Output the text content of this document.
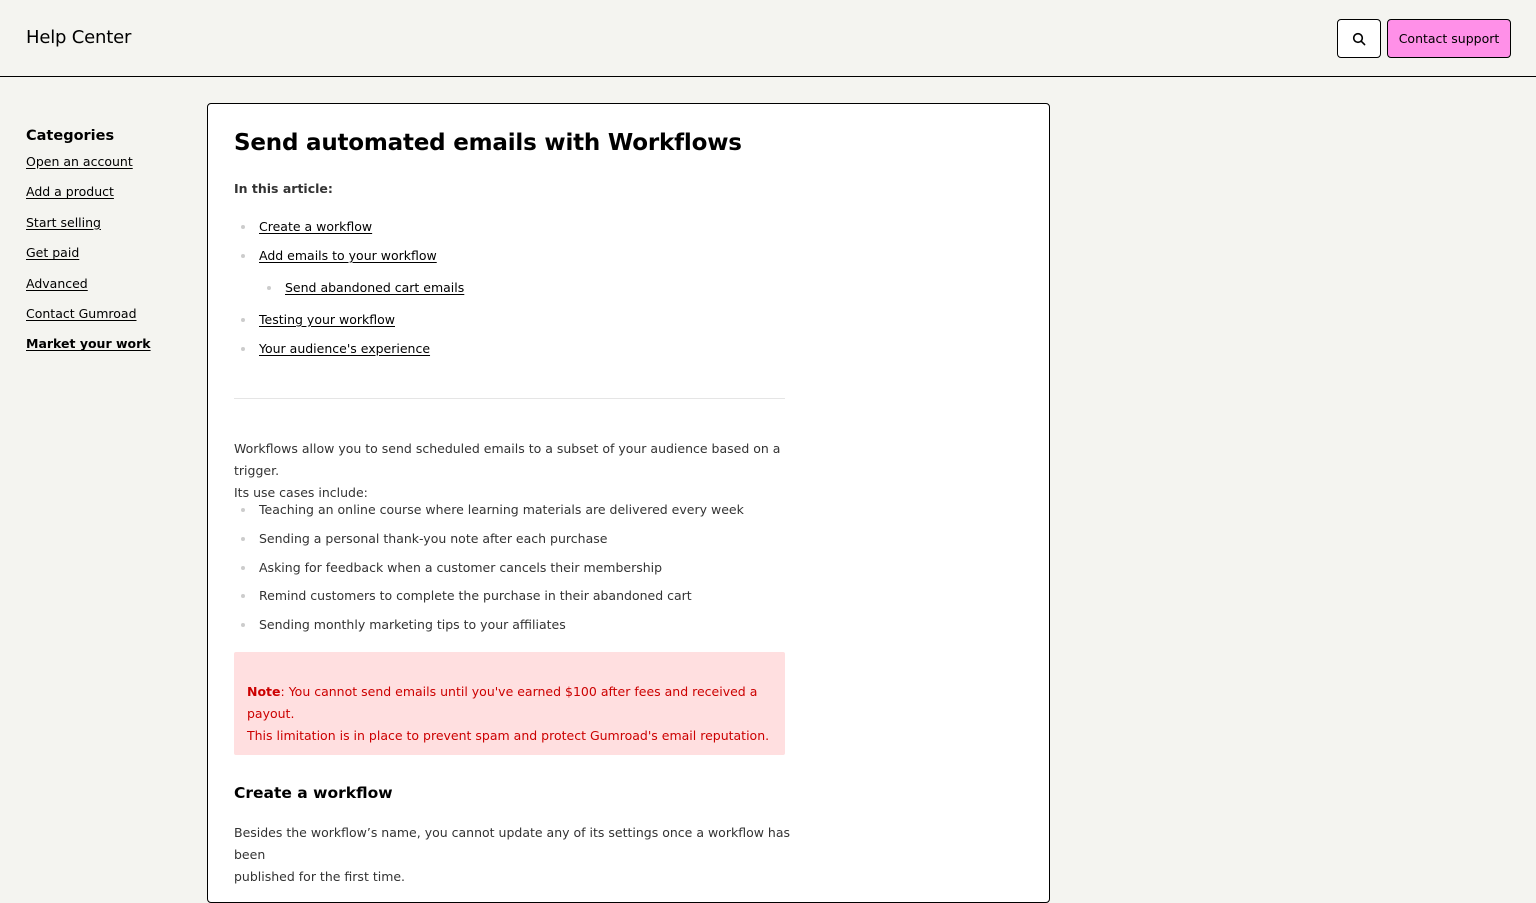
Help Center	Contact support
Categories
Open an account
Add a product
Start selling
Get paid
Advanced
Contact Gumroad
Market your work
Send automated emails with Workflows
In this article:
Create a workflow
Add emails to your workflow
Send abandoned cart emails
Testing your workflow
Your audience's experience
Workflows allow you to send scheduled emails to a subset of your audience based on a trigger.
Its use cases include:
Teaching an online course where learning materials are delivered every week
Sending a personal thank-you note after each purchase
Asking for feedback when a customer cancels their membership
Remind customers to complete the purchase in their abandoned cart
Sending monthly marketing tips to your affiliates
Note: You cannot send emails until you've earned $100 after fees and received a payout.
This limitation is in place to prevent spam and protect Gumroad's email reputation.
Create a workflow
Besides the workflow’s name, you cannot update any of its settings once a workflow has been
published for the first time.
